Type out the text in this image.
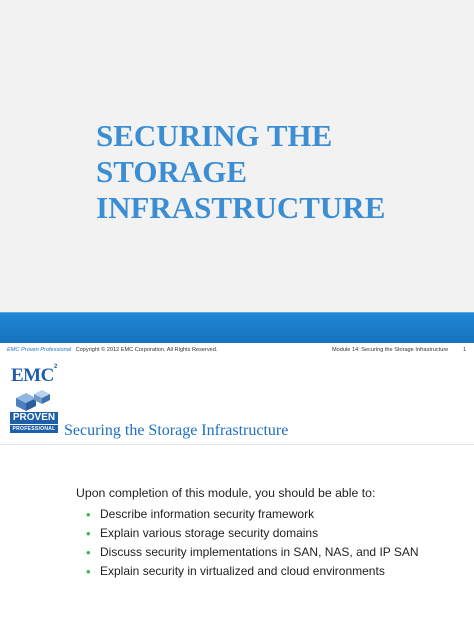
SECURING THE
STORAGE
INFRASTRUCTURE
EMC Proven Professional Copyright © 2012 EMC Corporation. All Rights Reserved.	Module 14: Securing the Storage Infrastructure	1
EMC 2
PROVEN
PROFESSIONAL Securing the Storage Infrastructure
Upon completion of this module, you should be able to:
• Describe information security framework
• Explain various storage security domains
• Discuss security implementations in SAN, NAS, and IP SAN
• Explain security in virtualized and cloud environments
